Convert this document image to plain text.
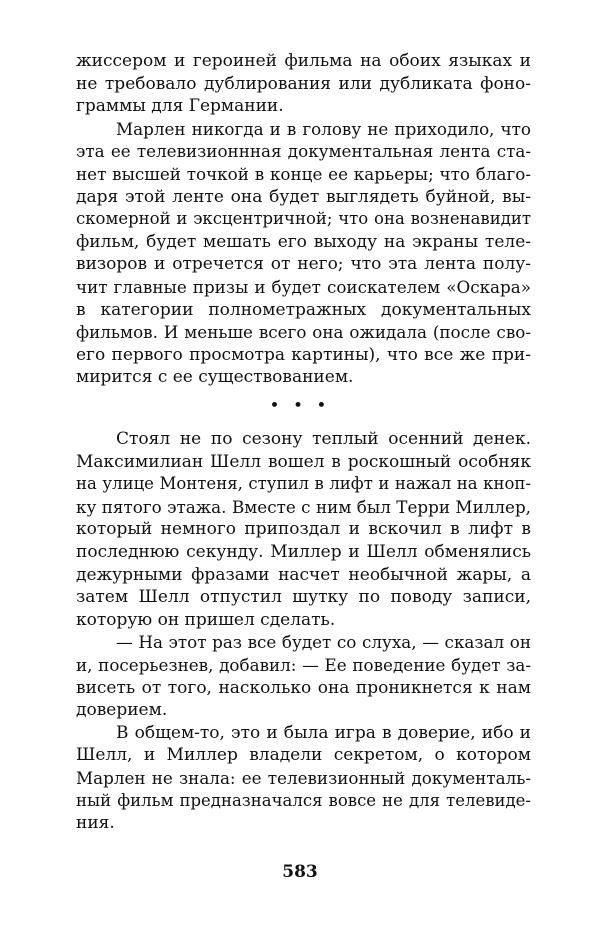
жиссером и героиней фильма на обоих языках и
не требовало дублирования или дубликата фоно-
граммы для Германии.
Марлен никогда и в голову не приходило, что
эта ее телевизионнная документальная лента ста-
нет высшей точкой в конце ее карьеры; что благо-
даря этой ленте она будет выглядеть буйной, вы-
скомерной и эксцентричной; что она возненавидит
фильм, будет мешать его выходу на экраны теле-
визоров и отречется от него; что эта лента полу-
чит главные призы и будет соискателем «Оскара»
в категории полнометражных документальных
фильмов. И меньше всего она ожидала (после сво-
его первого просмотра картины), что все же при-
мирится с ее существованием.
• • •
Стоял не по сезону теплый осенний денек.
Максимилиан Шелл вошел в роскошный особняк
на улице Монтеня, ступил в лифт и нажал на кноп-
ку пятого этажа. Вместе с ним был Терри Миллер,
который немного припоздал и вскочил в лифт в
последнюю секунду. Миллер и Шелл обменялись
дежурными фразами насчет необычной жары, а
затем Шелл отпустил шутку по поводу записи,
которую он пришел сделать.
— На этот раз все будет со слуха, — сказал он
и, посерьезнев, добавил: — Ее поведение будет за-
висеть от того, насколько она проникнется к нам
доверием.
В общем-то, это и была игра в доверие, ибо и
Шелл, и Миллер владели секретом, о котором
Марлен не знала: ее телевизионный документаль-
ный фильм предназначался вовсе не для телевиде-
ния.
583
